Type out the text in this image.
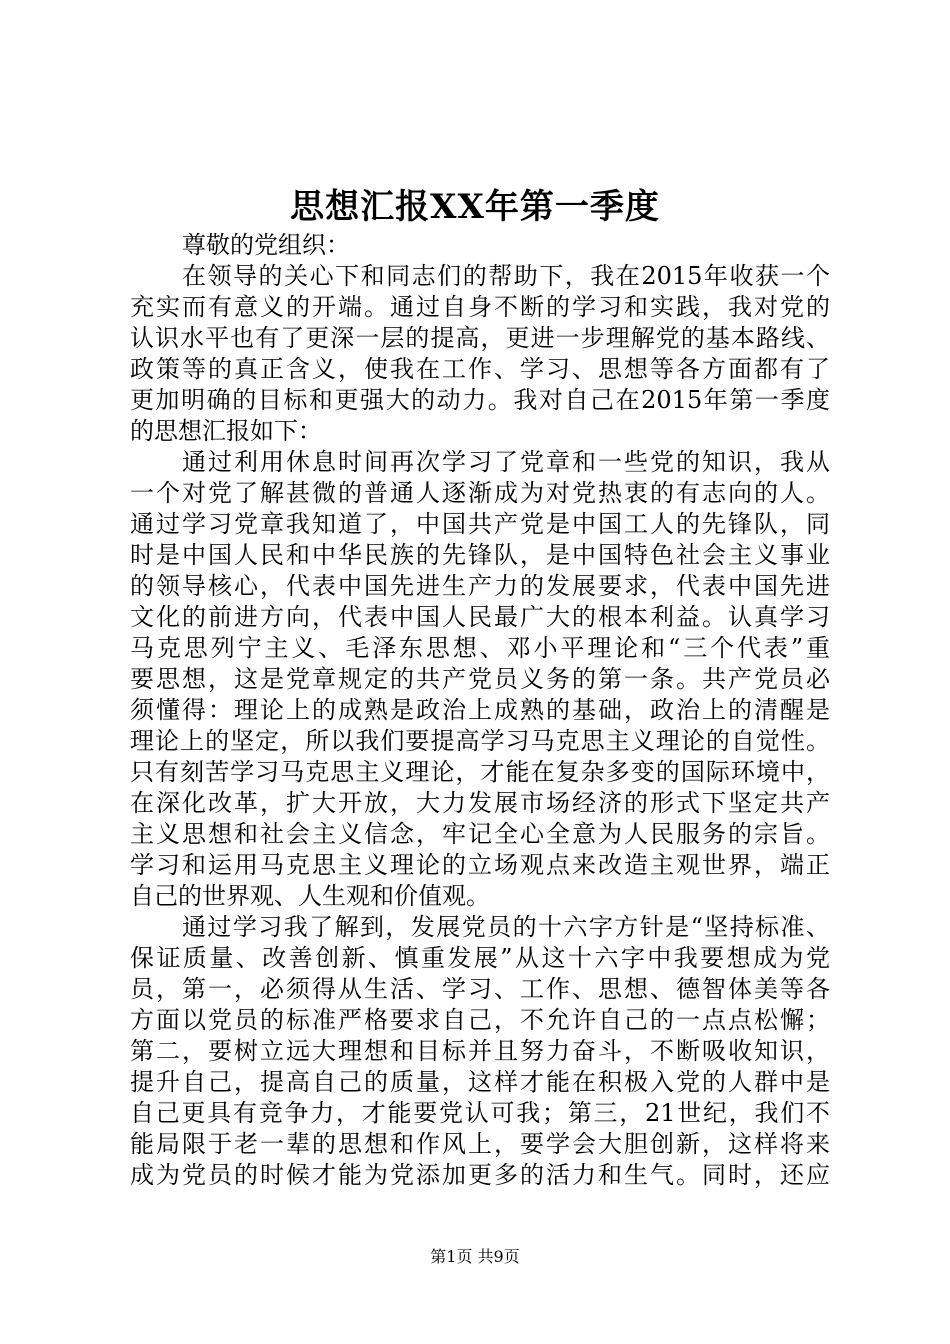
思想汇报XX年第一季度
尊敬的党组织：
在领导的关心下和同志们的帮助下，我在2015年收获一个
充实而有意义的开端。通过自身不断的学习和实践，我对党的
认识水平也有了更深一层的提高，更进一步理解党的基本路线、
政策等的真正含义，使我在工作、学习、思想等各方面都有了
更加明确的目标和更强大的动力。我对自己在2015年第一季度
的思想汇报如下：
通过利用休息时间再次学习了党章和一些党的知识，我从
一个对党了解甚微的普通人逐渐成为对党热衷的有志向的人。
通过学习党章我知道了，中国共产党是中国工人的先锋队，同
时是中国人民和中华民族的先锋队，是中国特色社会主义事业
的领导核心，代表中国先进生产力的发展要求，代表中国先进
文化的前进方向，代表中国人民最广大的根本利益。认真学习
马克思列宁主义、毛泽东思想、邓小平理论和“三个代表”重
要思想，这是党章规定的共产党员义务的第一条。共产党员必
须懂得：理论上的成熟是政治上成熟的基础，政治上的清醒是
理论上的坚定，所以我们要提高学习马克思主义理论的自觉性。
只有刻苦学习马克思主义理论，才能在复杂多变的国际环境中，
在深化改革，扩大开放，大力发展市场经济的形式下坚定共产
主义思想和社会主义信念，牢记全心全意为人民服务的宗旨。
学习和运用马克思主义理论的立场观点来改造主观世界，端正
自己的世界观、人生观和价值观。
通过学习我了解到，发展党员的十六字方针是“坚持标准、
保证质量、改善创新、慎重发展”从这十六字中我要想成为党
员，第一，必须得从生活、学习、工作、思想、德智体美等各
方面以党员的标准严格要求自己，不允许自己的一点点松懈；
第二，要树立远大理想和目标并且努力奋斗，不断吸收知识，
提升自己，提高自己的质量，这样才能在积极入党的人群中是
自己更具有竞争力，才能要党认可我；第三，21世纪，我们不
能局限于老一辈的思想和作风上，要学会大胆创新，这样将来
成为党员的时候才能为党添加更多的活力和生气。同时，还应
第1页 共9页
